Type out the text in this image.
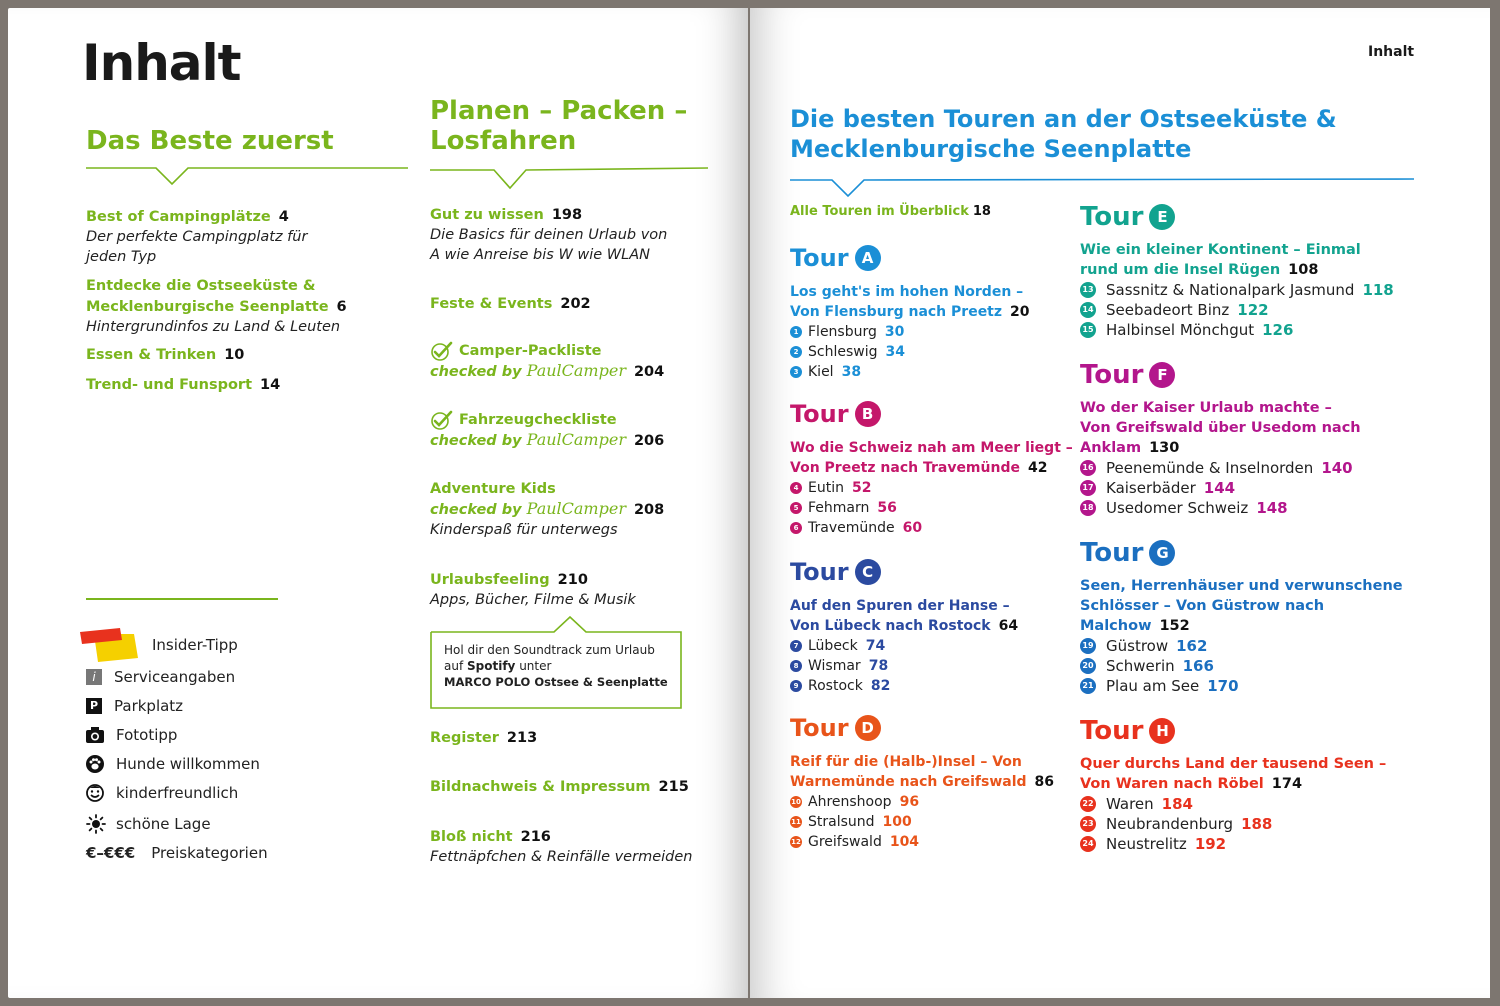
Inhalt
Das Beste zuerst
Best of Campingplätze 4
Der perfekte Campingplatz für jeden Typ
Entdecke die Ostseeküste & Mecklenburgische Seenplatte 6
Hintergrundinfos zu Land & Leuten
Essen & Trinken 10
Trend- und Funsport 14
Insider-Tipp
i	Serviceangaben
P Parkplatz
Fototipp
Hunde willkommen
kinderfreundlich
schöne Lage
€–€€€ Preiskategorien
Planen – Packen – Losfahren
Gut zu wissen 198
Die Basics für deinen Urlaub von A wie Anreise bis W wie WLAN
Feste & Events 202
Camper-Packliste
checked by PaulCamper 204
Fahrzeugcheckliste
checked by PaulCamper 206
Adventure Kids
checked by PaulCamper 208
Kinderspaß für unterwegs
Urlaubsfeeling 210
Apps, Bücher, Filme & Musik
Hol dir den Soundtrack zum Urlaub
auf Spotify unter
MARCO POLO Ostsee & Seenplatte
Register 213
Bildnachweis & Impressum 215
Bloß nicht 216
Fettnäpfchen & Reinfälle vermeiden
Inhalt
Die besten Touren an der Ostseeküste &
Mecklenburgische Seenplatte
Alle Touren im Überblick 18
Tour A
Los geht's im hohen Norden –
Von Flensburg nach Preetz 20
1 Flensburg 30
2 Schleswig 34
3 Kiel 38
Tour B
Wo die Schweiz nah am Meer liegt –
Von Preetz nach Travemünde 42
4 Eutin 52
5 Fehmarn 56
6 Travemünde 60
Tour C
Auf den Spuren der Hanse –
Von Lübeck nach Rostock 64
7 Lübeck 74
8 Wismar 78
9 Rostock 82
Tour D
Reif für die (Halb-)Insel – Von
Warnemünde nach Greifswald 86
10 Ahrenshoop 96
11 Stralsund 100
12 Greifswald 104
Tour E
Wie ein kleiner Kontinent – Einmal
rund um die Insel Rügen 108
13 Sassnitz & Nationalpark Jasmund 118
14 Seebadeort Binz 122
15 Halbinsel Mönchgut 126
Tour F
Wo der Kaiser Urlaub machte –
Von Greifswald über Usedom nach
Anklam 130
16 Peenemünde & Inselnorden 140
17 Kaiserbäder 144
18 Usedomer Schweiz 148
Tour G
Seen, Herrenhäuser und verwunschene
Schlösser – Von Güstrow nach
Malchow 152
19 Güstrow 162
20 Schwerin 166
21 Plau am See 170
Tour H
Quer durchs Land der tausend Seen –
Von Waren nach Röbel 174
22 Waren 184
23 Neubrandenburg 188
24 Neustrelitz 192
